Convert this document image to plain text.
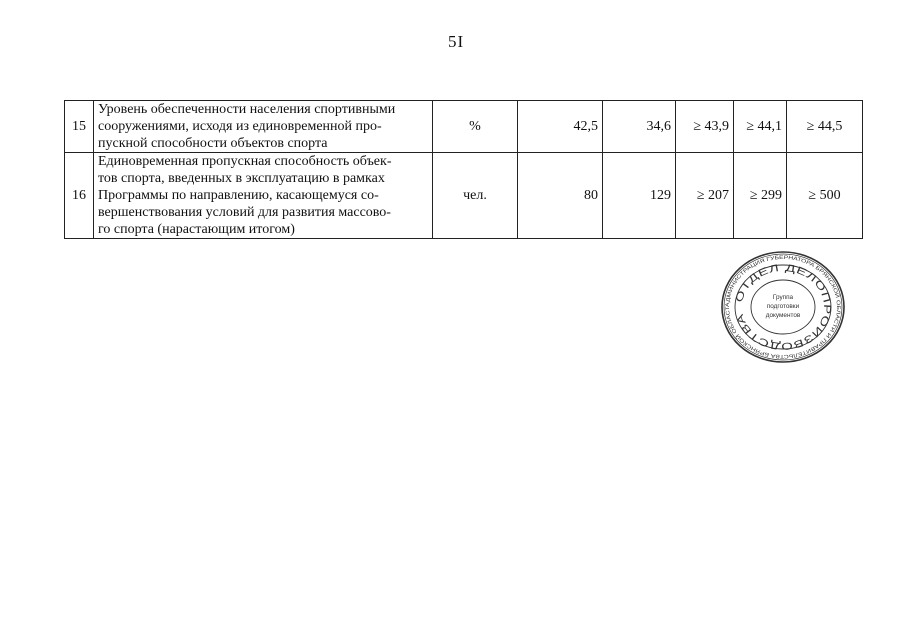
5I
15	Уровень обеспеченности населения спортивными
сооружениями, исходя из единовременной про-
пускной способности объектов спорта	%	42,5	34,6	≥ 43,9	≥ 44,1	≥ 44,5
16	Единовременная пропускная способность объек-
тов спорта, введенных в эксплуатацию в рамках
Программы по направлению, касающемуся со-
вершенствования условий для развития массово-
го спорта (нарастающим итогом)	чел.	80	129	≥ 207	≥ 299	≥ 500
АДМИНИСТРАЦИЯ ГУБЕРНАТОРА БРЯНСКОЙ ОБЛАСТИ И ПРАВИТЕЛЬСТВА БРЯНСКОЙ ОБЛАСТ
ОТДЕЛ ДЕЛОПРОИЗВОДСТВА
Группа
подготовки
документов
